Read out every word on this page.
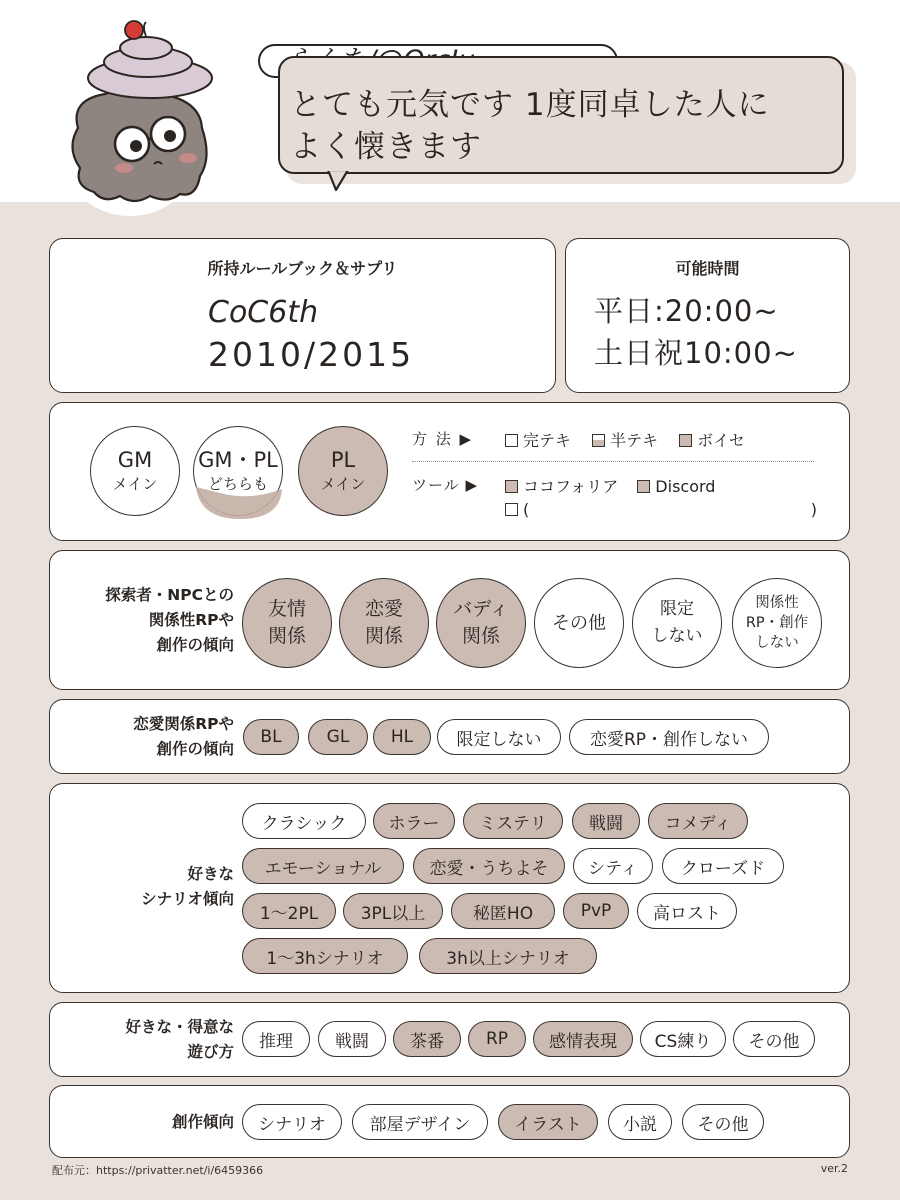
とても元気です 1度同卓した人に
よく懐きます
所持ルールブック＆サプリ
CoC6th
2010/2015
可能時間
平日:20:00~
土日祝10:00~
GM
メイン
GM・PL
どちらも
PL
メイン
方 法 ▶	完テキ 半テキ ボイセ
ツール ▶	ココフォリア Discord
(	)
探索者・NPCとの
関係性RPや
創作の傾向
友情
関係
恋愛
関係
バディ
関係
その他
限定
しない
関係性
RP・創作
しない
恋愛関係RPや
創作の傾向
BL	GL	HL	限定しない	恋愛RP・創作しない
好きな
シナリオ傾向
クラシック	ホラー	ミステリ	戦闘	コメディ
エモーショナル	恋愛・うちよそ	シティ	クローズド
1〜2PL	3PL以上	秘匿HO	PvP	高ロスト
1〜3hシナリオ	3h以上シナリオ
好きな・得意な
遊び方
推理	戦闘	茶番	RP	感情表現	CS練り	その他
創作傾向	シナリオ	部屋デザイン	イラスト	小説	その他
配布元：https://privatter.net/i/6459366	ver.2
